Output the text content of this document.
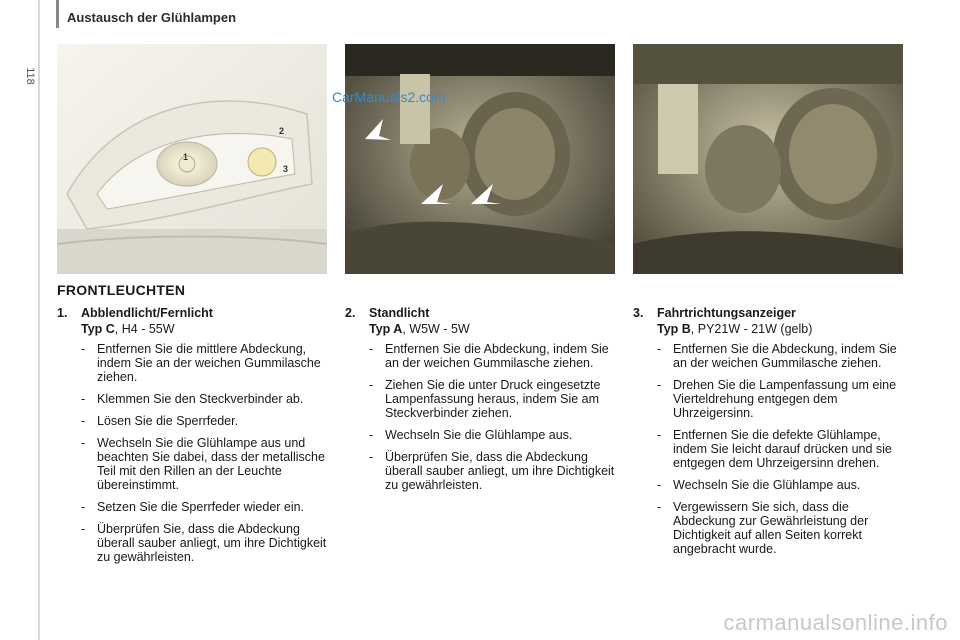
118
Austausch der Glühlampen
1
2
3
CarManuals2.com
FRONTLEUCHTEN
1. Abblendlicht/Fernlicht
Typ C, H4 - 55W
- Entfernen Sie die mittlere Abdeckung, indem Sie an der weichen Gummilasche ziehen.
- Klemmen Sie den Steckverbinder ab.
- Lösen Sie die Sperrfeder.
- Wechseln Sie die Glühlampe aus und beachten Sie dabei, dass der metallische Teil mit den Rillen an der Leuchte übereinstimmt.
- Setzen Sie die Sperrfeder wieder ein.
- Überprüfen Sie, dass die Abdeckung überall sauber anliegt, um ihre Dichtigkeit zu gewährleisten.
2. Standlicht
Typ A, W5W - 5W
- Entfernen Sie die Abdeckung, indem Sie an der weichen Gummilasche ziehen.
- Ziehen Sie die unter Druck eingesetzte Lampenfassung heraus, indem Sie am Steckverbinder ziehen.
- Wechseln Sie die Glühlampe aus.
- Überprüfen Sie, dass die Abdeckung überall sauber anliegt, um ihre Dichtigkeit zu gewährleisten.
3. Fahrtrichtungsanzeiger
Typ B, PY21W - 21W (gelb)
- Entfernen Sie die Abdeckung, indem Sie an der weichen Gummilasche ziehen.
- Drehen Sie die Lampenfassung um eine Vierteldrehung entgegen dem Uhrzeigersinn.
- Entfernen Sie die defekte Glühlampe, indem Sie leicht darauf drücken und sie entgegen dem Uhrzeigersinn drehen.
- Wechseln Sie die Glühlampe aus.
- Vergewissern Sie sich, dass die Abdeckung zur Gewährleistung der Dichtigkeit auf allen Seiten korrekt angebracht wurde.
carmanualsonline.info
